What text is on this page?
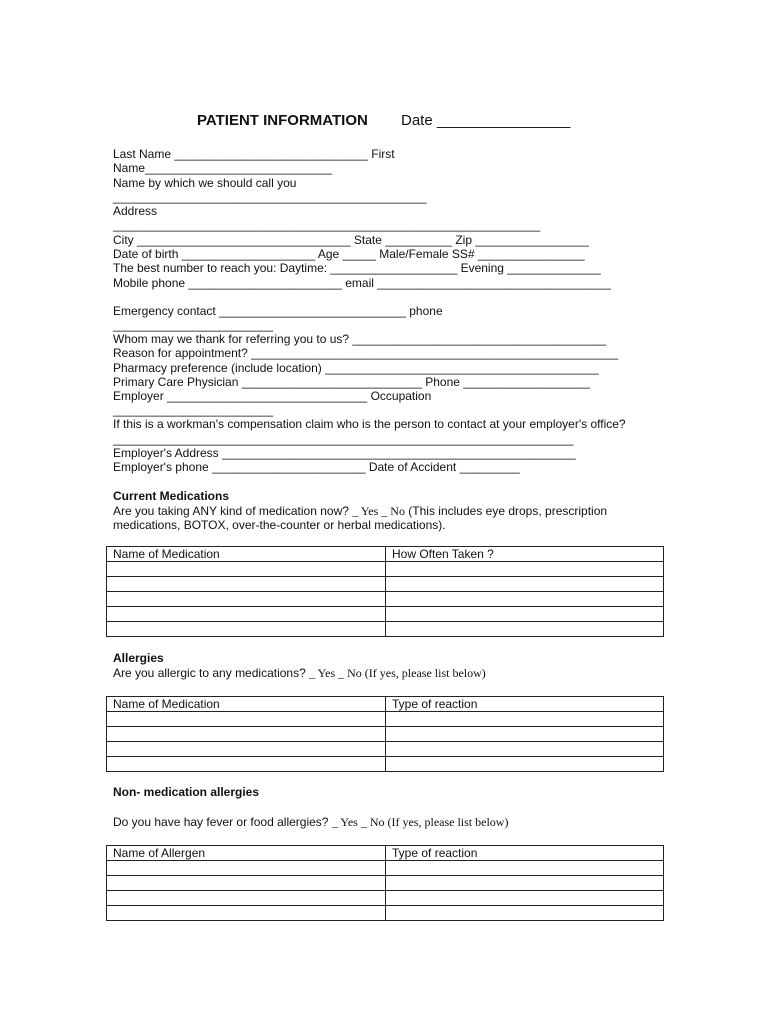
PATIENT INFORMATION Date ________________
Last Name _____________________________ First
Name____________________________
Name by which we should call you
_______________________________________________
Address
________________________________________________________________
City ________________________________ State __________ Zip _________________
Date of birth ____________________ Age _____ Male/Female SS# ________________
The best number to reach you: Daytime: ___________________ Evening ______________
Mobile phone _______________________ email ___________________________________
Emergency contact ____________________________ phone
________________________
Whom may we thank for referring you to us? ______________________________________
Reason for appointment? _______________________________________________________
Pharmacy preference (include location) _________________________________________
Primary Care Physician ___________________________ Phone ___________________
Employer ______________________________ Occupation
________________________
If this is a workman's compensation claim who is the person to contact at your employer's office?
_____________________________________________________________________
Employer's Address _____________________________________________________
Employer's phone _______________________ Date of Accident _________
Current Medications
Are you taking ANY kind of medication now? _ Yes _ No (This includes eye drops, prescription
medications, BOTOX, over-the-counter or herbal medications).
Name of Medication	How Often Taken ?

Allergies
Are you allergic to any medications? _ Yes _ No (If yes, please list below)
Name of Medication	Type of reaction

Non- medication allergies
Do you have hay fever or food allergies? _ Yes _ No (If yes, please list below)
Name of Allergen	Type of reaction
